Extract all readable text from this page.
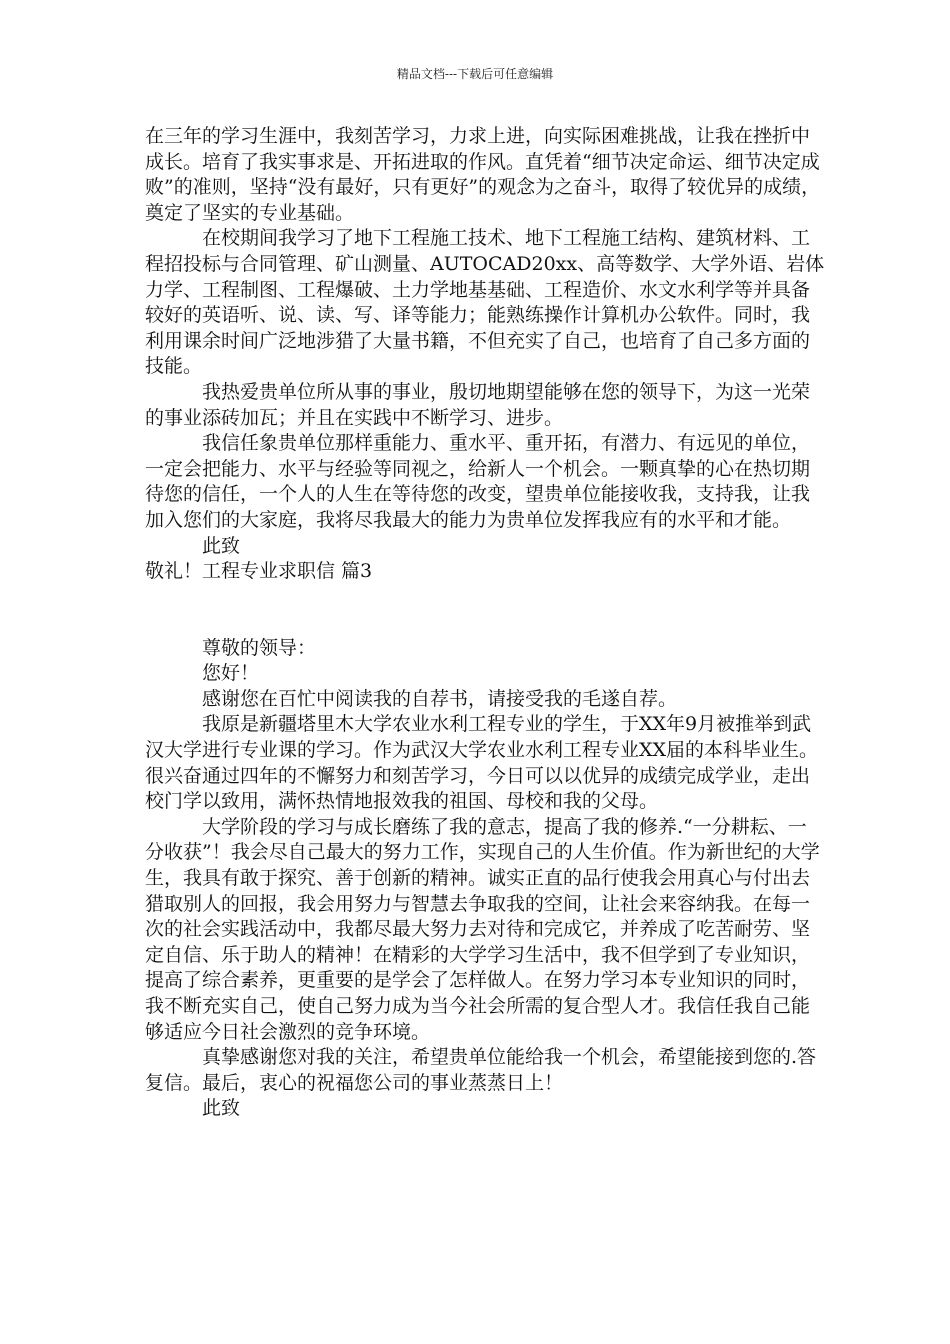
精品文档---下载后可任意编辑

在三年的学习生涯中，我刻苦学习，力求上进，向实际困难挑战，让我在挫折中成长。培育了我实事求是、开拓进取的作风。直凭着“细节决定命运、细节决定成败”的准则，坚持“没有最好，只有更好”的观念为之奋斗，取得了较优异的成绩，奠定了坚实的专业基础。

在校期间我学习了地下工程施工技术、地下工程施工结构、建筑材料、工程招投标与合同管理、矿山测量、AUTOCAD20xx、高等数学、大学外语、岩体力学、工程制图、工程爆破、土力学地基基础、工程造价、水文水利学等并具备较好的英语听、说、读、写、译等能力；能熟练操作计算机办公软件。同时，我利用课余时间广泛地涉猎了大量书籍，不但充实了自己，也培育了自己多方面的技能。

我热爱贵单位所从事的事业，殷切地期望能够在您的领导下，为这一光荣的事业添砖加瓦；并且在实践中不断学习、进步。

我信任象贵单位那样重能力、重水平、重开拓，有潜力、有远见的单位，一定会把能力、水平与经验等同视之，给新人一个机会。一颗真挚的心在热切期待您的信任，一个人的人生在等待您的改变，望贵单位能接收我，支持我，让我加入您们的大家庭，我将尽我最大的能力为贵单位发挥我应有的水平和才能。

此致

敬礼！工程专业求职信 篇3

尊敬的领导：

您好！

感谢您在百忙中阅读我的自荐书，请接受我的毛遂自荐。

我原是新疆塔里木大学农业水利工程专业的学生，于XX年9月被推举到武汉大学进行专业课的学习。作为武汉大学农业水利工程专业XX届的本科毕业生。很兴奋通过四年的不懈努力和刻苦学习，今日可以以优异的成绩完成学业，走出校门学以致用，满怀热情地报效我的祖国、母校和我的父母。

大学阶段的学习与成长磨练了我的意志，提高了我的修养.“一分耕耘、一分收获”！我会尽自己最大的努力工作，实现自己的人生价值。作为新世纪的大学生，我具有敢于探究、善于创新的精神。诚实正直的品行使我会用真心与付出去猎取别人的回报，我会用努力与智慧去争取我的空间，让社会来容纳我。在每一次的社会实践活动中，我都尽最大努力去对待和完成它，并养成了吃苦耐劳、坚定自信、乐于助人的精神！在精彩的大学学习生活中，我不但学到了专业知识，提高了综合素养，更重要的是学会了怎样做人。在努力学习本专业知识的同时，我不断充实自己，使自己努力成为当今社会所需的复合型人才。我信任我自己能够适应今日社会激烈的竞争环境。

真挚感谢您对我的关注，希望贵单位能给我一个机会，希望能接到您的.答复信。最后，衷心的祝福您公司的事业蒸蒸日上！

此致
